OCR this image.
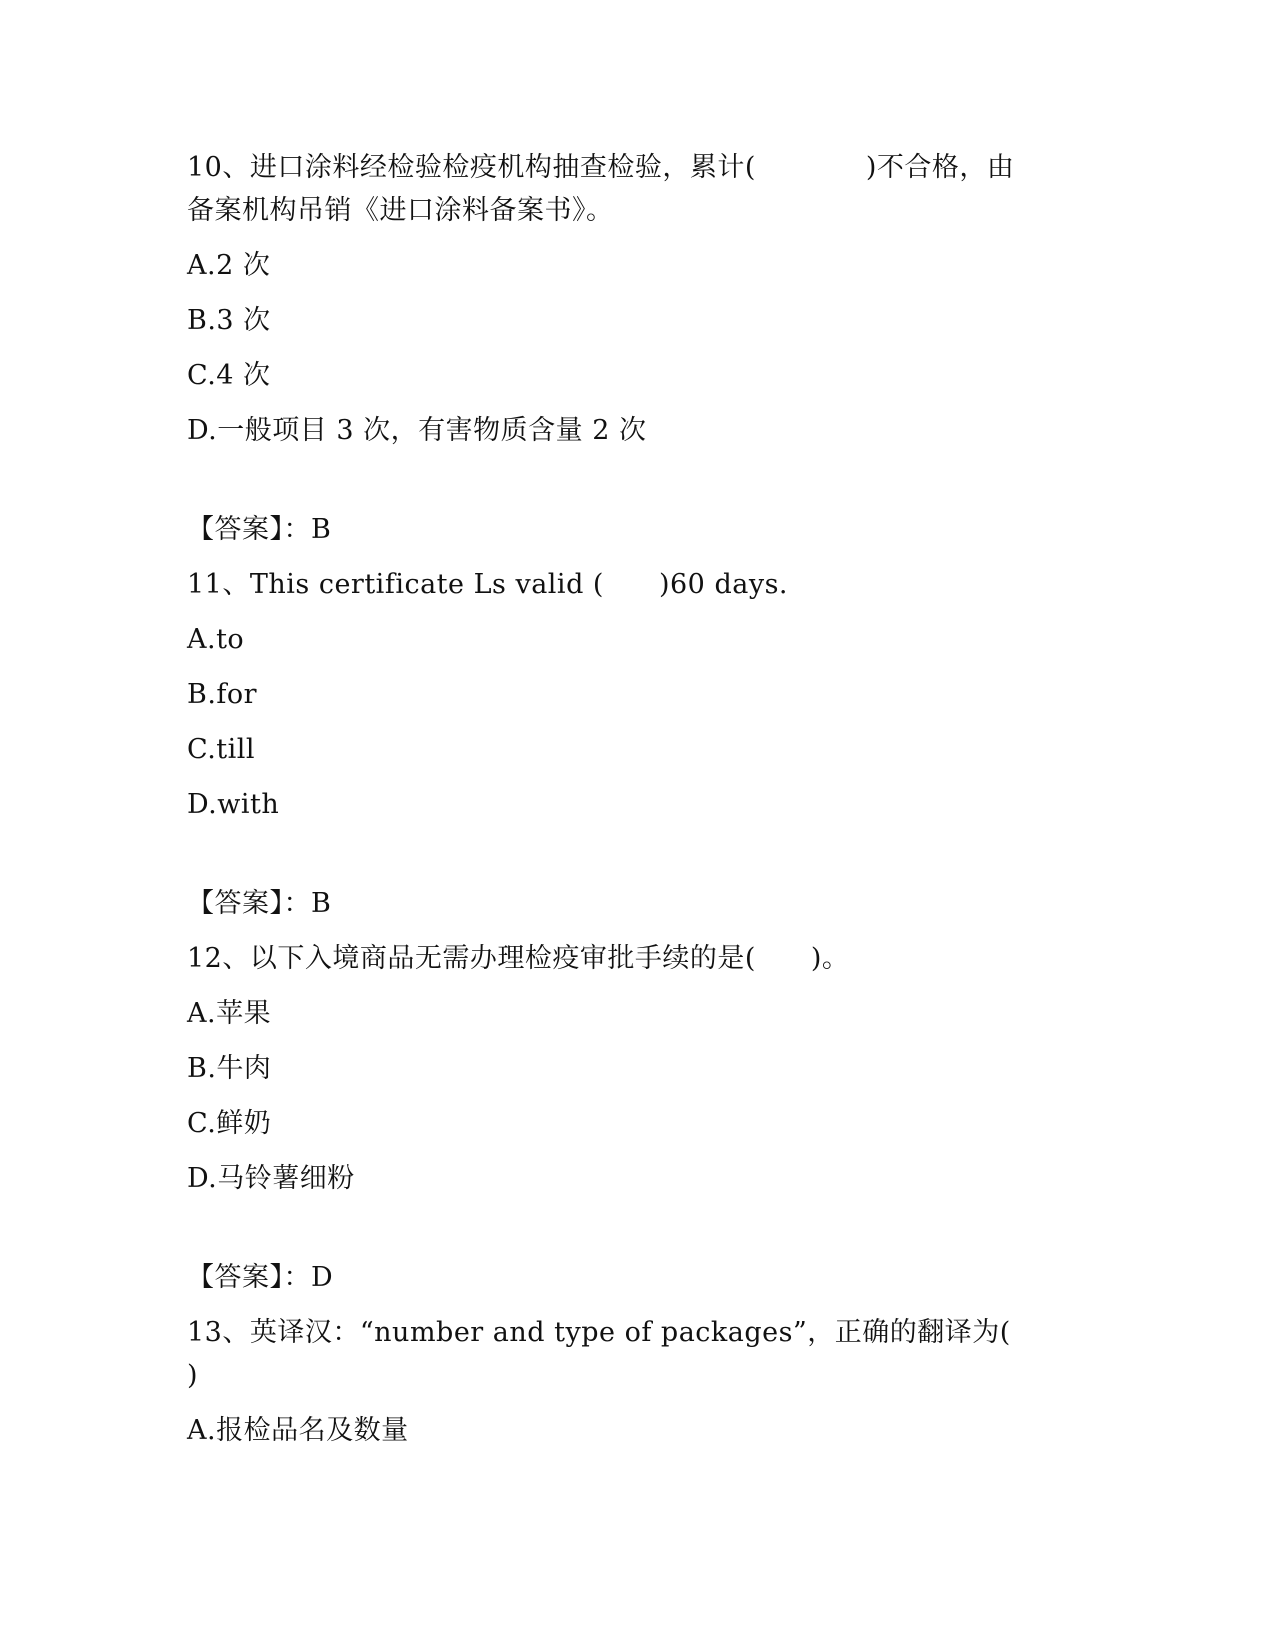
10、进口涂料经检验检疫机构抽查检验，累计(　　　　)不合格，由
备案机构吊销《进口涂料备案书》。
A.2 次
B.3 次
C.4 次
D.一般项目 3 次，有害物质含量 2 次
【答案】：B
11、This certificate Ls valid (　　)60 days.
A.to
B.for
C.till
D.with
【答案】：B
12、以下入境商品无需办理检疫审批手续的是(　　)。
A.苹果
B.牛肉
C.鲜奶
D.马铃薯细粉
【答案】：D
13、英译汉：“number and type of packages”，正确的翻译为(
)
A.报检品名及数量
